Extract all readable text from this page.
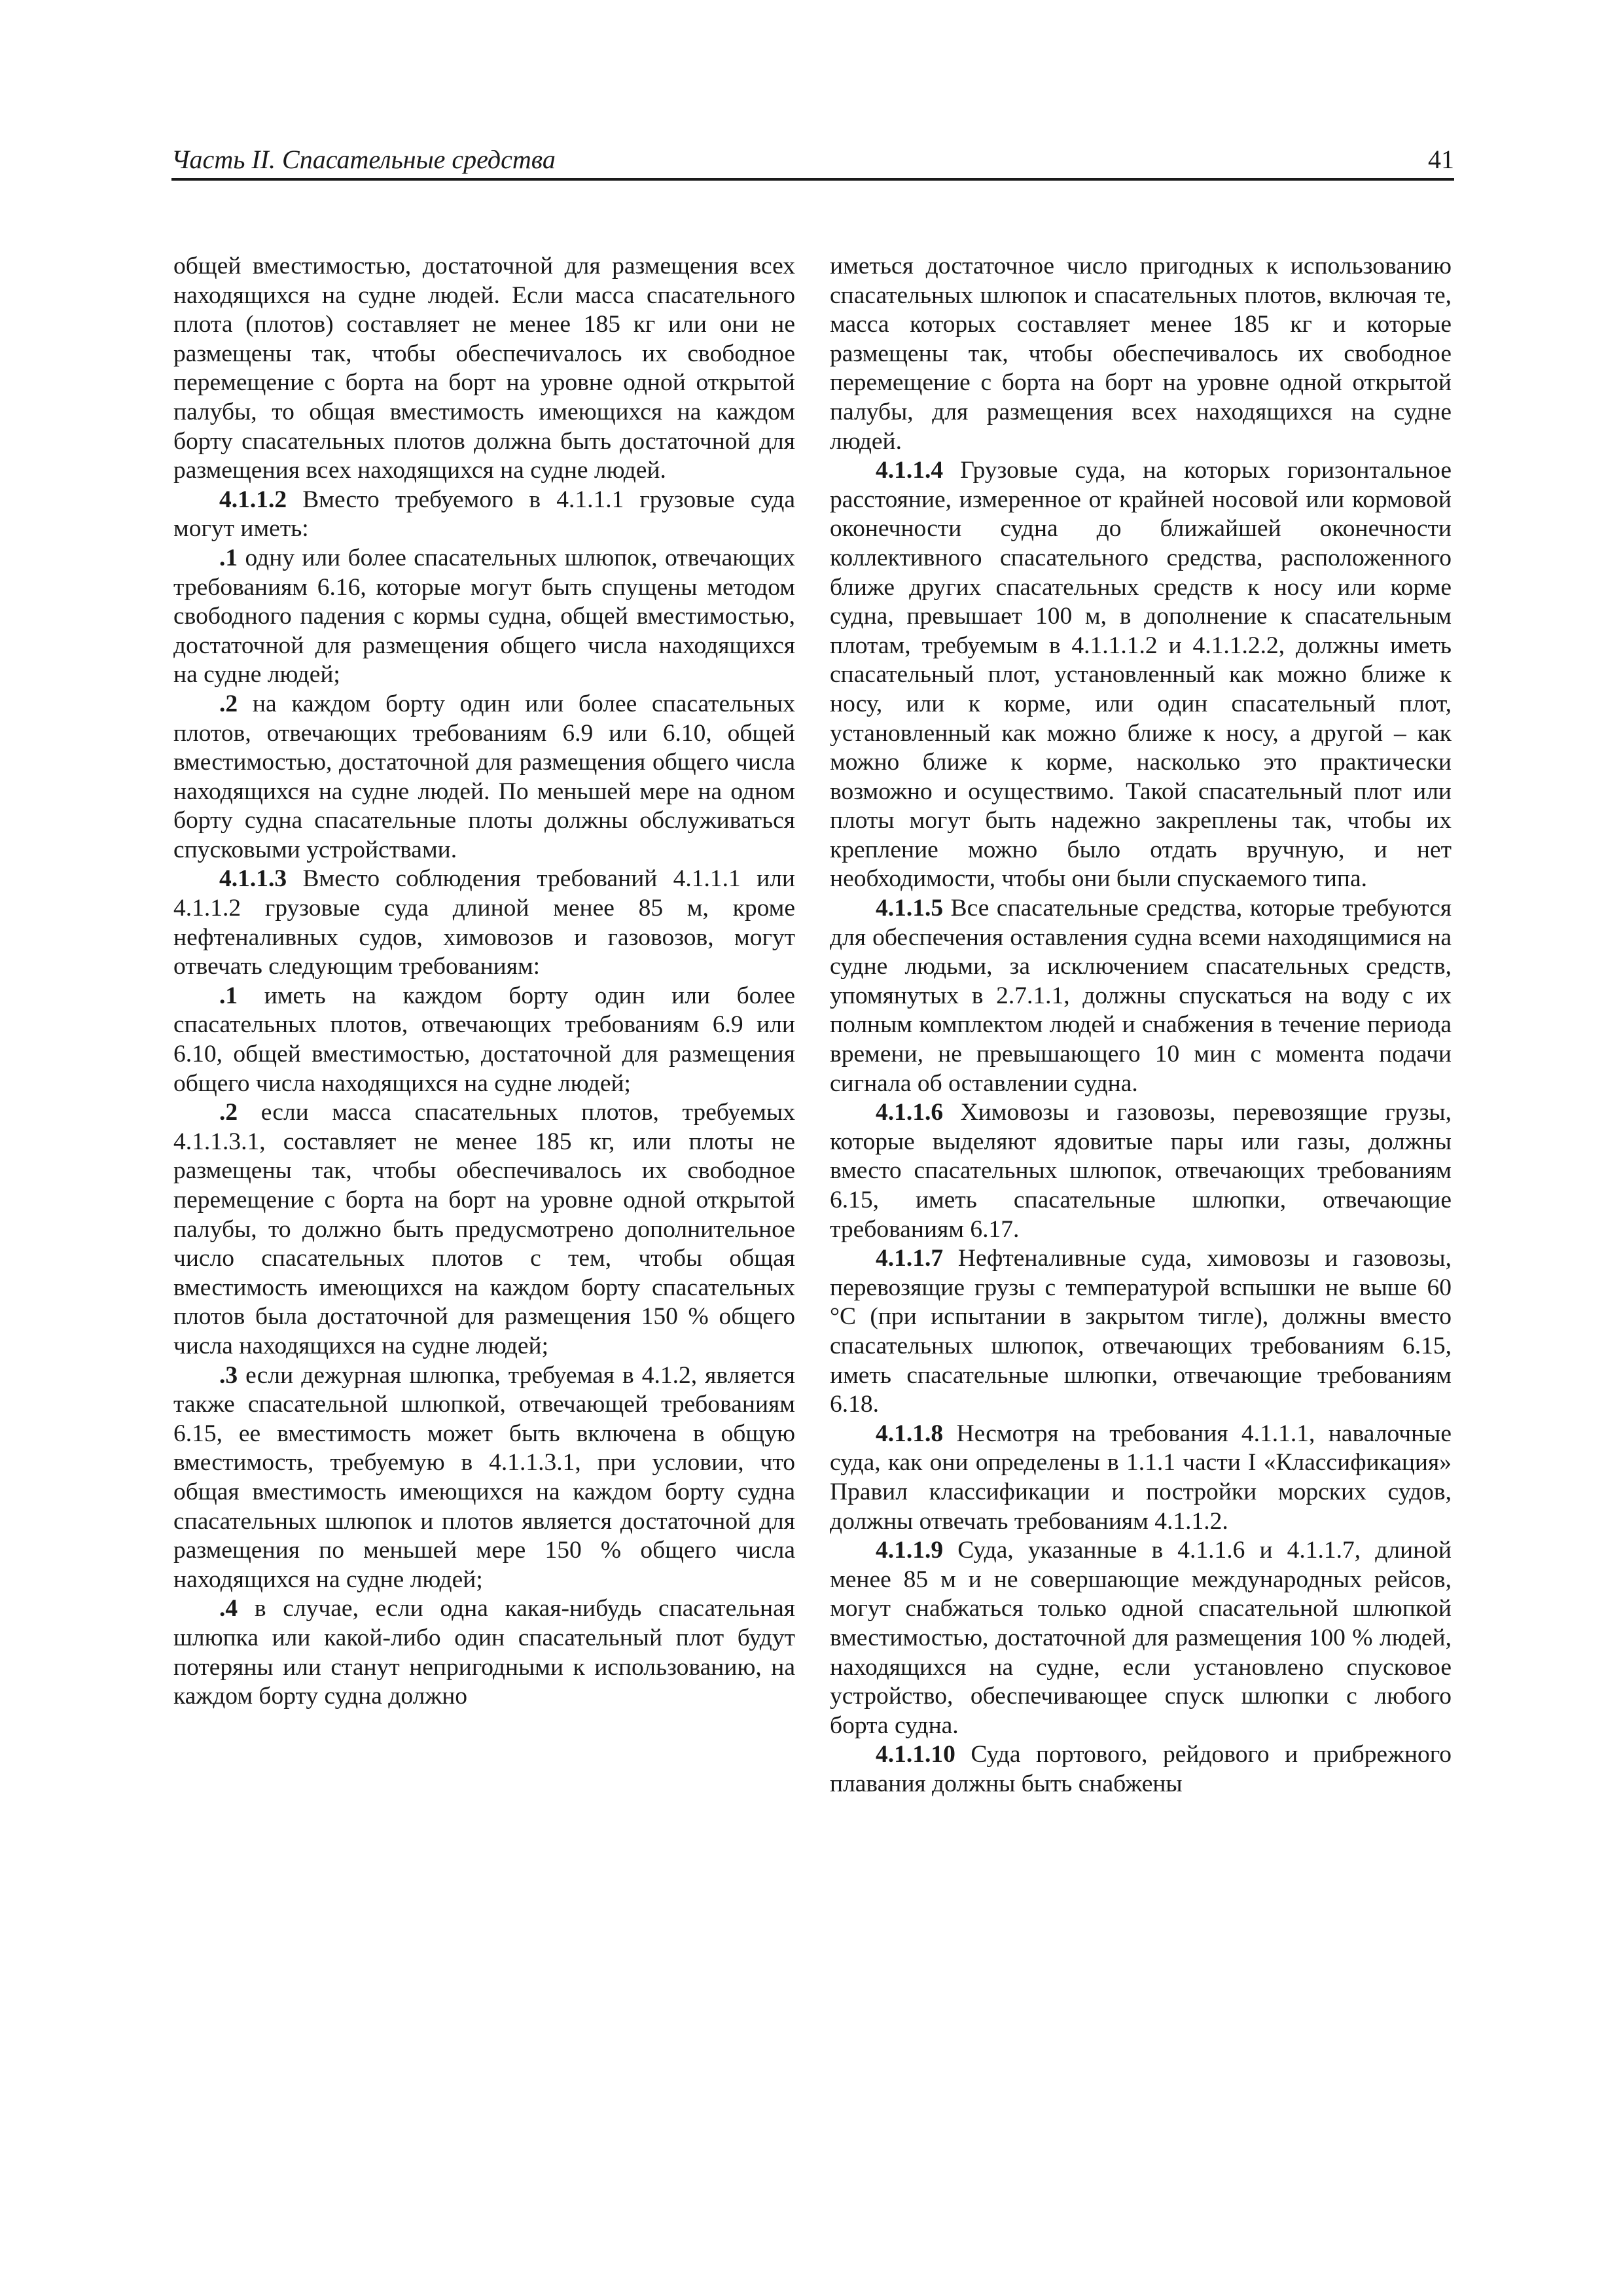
Часть II. Спасательные средства	41

общей вместимостью, достаточной для размещения всех находящихся на судне людей. Если масса спасательного плота (плотов) составляет не менее 185 кг или они не размещены так, чтобы обеспечиvалось их свободное перемещение с борта на борт на уровне одной открытой палубы, то общая вместимость имеющихся на каждом борту спасательных плотов должна быть достаточной для размещения всех находящихся на судне людей.

4.1.1.2 Вместо требуемого в 4.1.1.1 грузовые суда могут иметь:

.1 одну или более спасательных шлюпок, отвечающих требованиям 6.16, которые могут быть спущены методом свободного падения с кормы судна, общей вместимостью, достаточной для размещения общего числа находящихся на судне людей;

.2 на каждом борту один или более спасательных плотов, отвечающих требованиям 6.9 или 6.10, общей вместимостью, достаточной для размещения общего числа находящихся на судне людей. По меньшей мере на одном борту судна спасательные плоты должны обслуживаться спусковыми устройствами.

4.1.1.3 Вместо соблюдения требований 4.1.1.1 или 4.1.1.2 грузовые суда длиной менее 85 м, кроме нефтеналивных судов, химовозов и газовозов, могут отвечать следующим требованиям:

.1 иметь на каждом борту один или более спасательных плотов, отвечающих требованиям 6.9 или 6.10, общей вместимостью, достаточной для размещения общего числа находящихся на судне людей;

.2 если масса спасательных плотов, требуемых 4.1.1.3.1, составляет не менее 185 кг, или плоты не размещены так, чтобы обеспечивалось их свободное перемещение с борта на борт на уровне одной открытой палубы, то должно быть предусмотрено дополнительное число спасательных плотов с тем, чтобы общая вместимость имеющихся на каждом борту спасательных плотов была достаточной для размещения 150 % общего числа находящихся на судне людей;

.3 если дежурная шлюпка, требуемая в 4.1.2, является также спасательной шлюпкой, отвечающей требованиям 6.15, ее вместимость может быть включена в общую вместимость, требуемую в 4.1.1.3.1, при условии, что общая вместимость имеющихся на каждом борту судна спасательных шлюпок и плотов является достаточной для размещения по меньшей мере 150 % общего числа находящихся на судне людей;

.4 в случае, если одна какая-нибудь спасательная шлюпка или какой-либо один спасательный плот будут потеряны или станут непригодными к использованию, на каждом борту судна должно

иметься достаточное число пригодных к использованию спасательных шлюпок и спасательных плотов, включая те, масса которых составляет менее 185 кг и которые размещены так, чтобы обеспечивалось их свободное перемещение с борта на борт на уровне одной открытой палубы, для размещения всех находящихся на судне людей.

4.1.1.4 Грузовые суда, на которых горизонтальное расстояние, измеренное от крайней носовой или кормовой оконечности судна до ближайшей оконечности коллективного спасательного средства, расположенного ближе других спасательных средств к носу или корме судна, превышает 100 м, в дополнение к спасательным плотам, требуемым в 4.1.1.1.2 и 4.1.1.2.2, должны иметь спасательный плот, установленный как можно ближе к носу, или к корме, или один спасательный плот, установленный как можно ближе к носу, а другой – как можно ближе к корме, насколько это практически возможно и осуществимо. Такой спасательный плот или плоты могут быть надежно закреплены так, чтобы их крепление можно было отдать вручную, и нет необходимости, чтобы они были спускаемого типа.

4.1.1.5 Все спасательные средства, которые требуются для обеспечения оставления судна всеми находящимися на судне людьми, за исключением спасательных средств, упомянутых в 2.7.1.1, должны спускаться на воду с их полным комплектом людей и снабжения в течение периода времени, не превышающего 10 мин с момента подачи сигнала об оставлении судна.

4.1.1.6 Химовозы и газовозы, перевозящие грузы, которые выделяют ядовитые пары или газы, должны вместо спасательных шлюпок, отвечающих требованиям 6.15, иметь спасательные шлюпки, отвечающие требованиям 6.17.

4.1.1.7 Нефтеналивные суда, химовозы и газовозы, перевозящие грузы с температурой вспышки не выше 60 °С (при испытании в закрытом тигле), должны вместо спасательных шлюпок, отвечающих требованиям 6.15, иметь спасательные шлюпки, отвечающие требованиям 6.18.

4.1.1.8 Несмотря на требования 4.1.1.1, навалочные суда, как они определены в 1.1.1 части I «Классификация» Правил классификации и постройки морских судов, должны отвечать требованиям 4.1.1.2.

4.1.1.9 Суда, указанные в 4.1.1.6 и 4.1.1.7, длиной менее 85 м и не совершающие международных рейсов, могут снабжаться только одной спасательной шлюпкой вместимостью, достаточной для размещения 100 % людей, находящихся на судне, если установлено спусковое устройство, обеспечивающее спуск шлюпки с любого борта судна.

4.1.1.10 Суда портового, рейдового и прибрежного плавания должны быть снабжены
